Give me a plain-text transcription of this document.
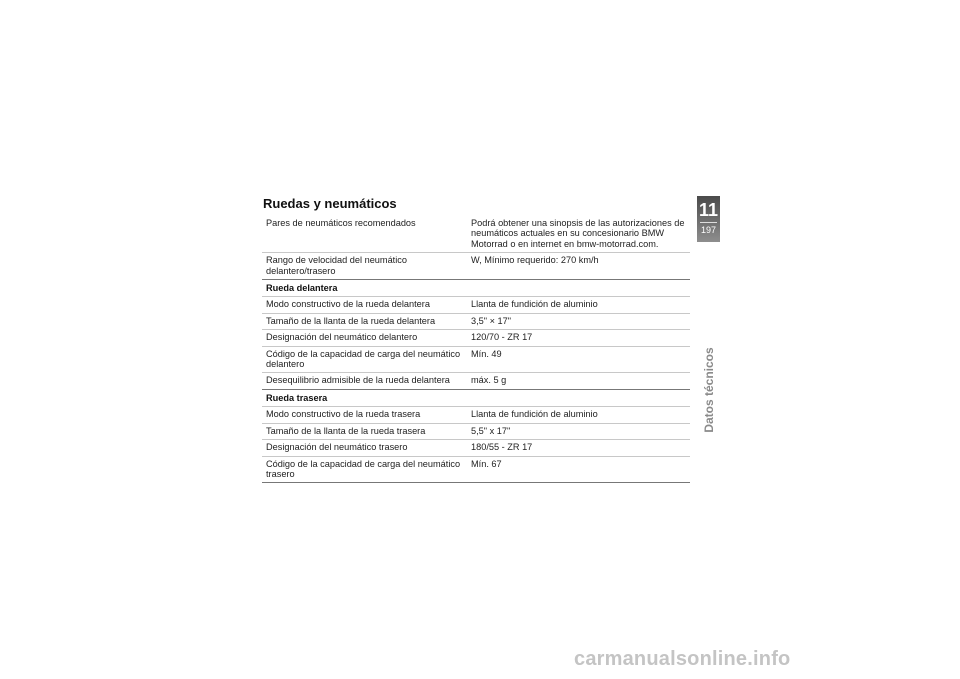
Ruedas y neumáticos
Pares de neumáticos recomendados	Podrá obtener una sinopsis de las autorizaciones de neumáticos actuales en su concesionario BMW Motorrad o en internet en bmw-motorrad.com.
Rango de velocidad del neumático delantero/trasero	W, Mínimo requerido: 270 km/h
Rueda delantera	
Modo constructivo de la rueda delantera	Llanta de fundición de aluminio
Tamaño de la llanta de la rueda delantera	3,5" × 17"
Designación del neumático delantero	120/70 - ZR 17
Código de la capacidad de carga del neumático delantero	Mín. 49
Desequilibrio admisible de la rueda delantera	máx. 5 g
Rueda trasera	
Modo constructivo de la rueda trasera	Llanta de fundición de aluminio
Tamaño de la llanta de la rueda trasera	5,5" x 17"
Designación del neumático trasero	180/55 - ZR 17
Código de la capacidad de carga del neumático trasero	Mín. 67
11
197
Datos técnicos
carmanualsonline.info
